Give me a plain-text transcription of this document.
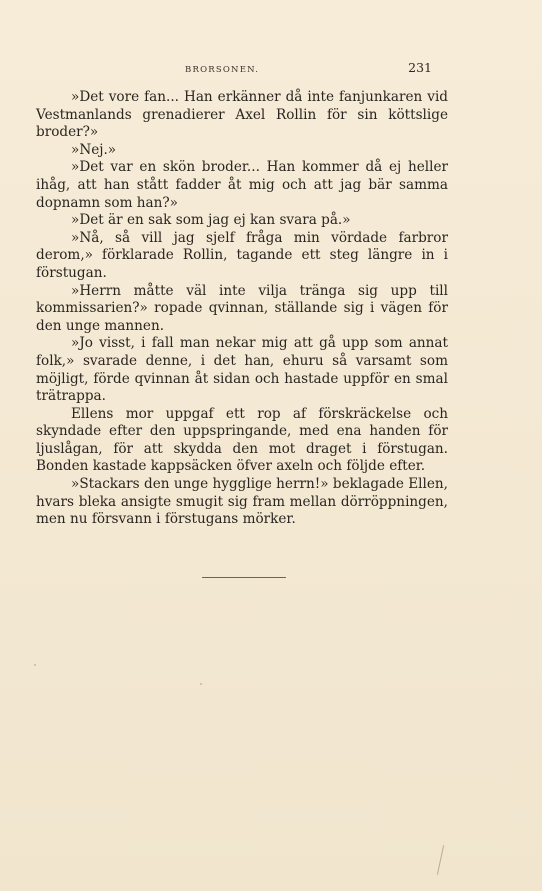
BRORSONEN.	231

»Det vore fan... Han erkänner då inte fanjunkaren vid Vestmanlands grenadierer Axel Rollin för sin köttslige broder?»

»Nej.»

»Det var en skön broder... Han kommer då ej heller ihåg, att han stått fadder åt mig och att jag bär samma dopnamn som han?»

»Det är en sak som jag ej kan svara på.»

»Nå, så vill jag sjelf fråga min vördade farbror derom,» förklarade Rollin, tagande ett steg längre in i förstugan.

»Herrn måtte väl inte vilja tränga sig upp till kommissarien?» ropade qvinnan, ställande sig i vägen för den unge mannen.

»Jo visst, i fall man nekar mig att gå upp som annat folk,» svarade denne, i det han, ehuru så varsamt som möjligt, förde qvinnan åt sidan och hastade uppför en smal trätrappa.

Ellens mor uppgaf ett rop af förskräckelse och skyndade efter den uppspringande, med ena handen för ljuslågan, för att skydda den mot draget i förstugan. Bonden kastade kappsäcken öfver axeln och följde efter.

»Stackars den unge hygglige herrn!» beklagade Ellen, hvars bleka ansigte smugit sig fram mellan dörröppningen, men nu försvann i förstugans mörker.
